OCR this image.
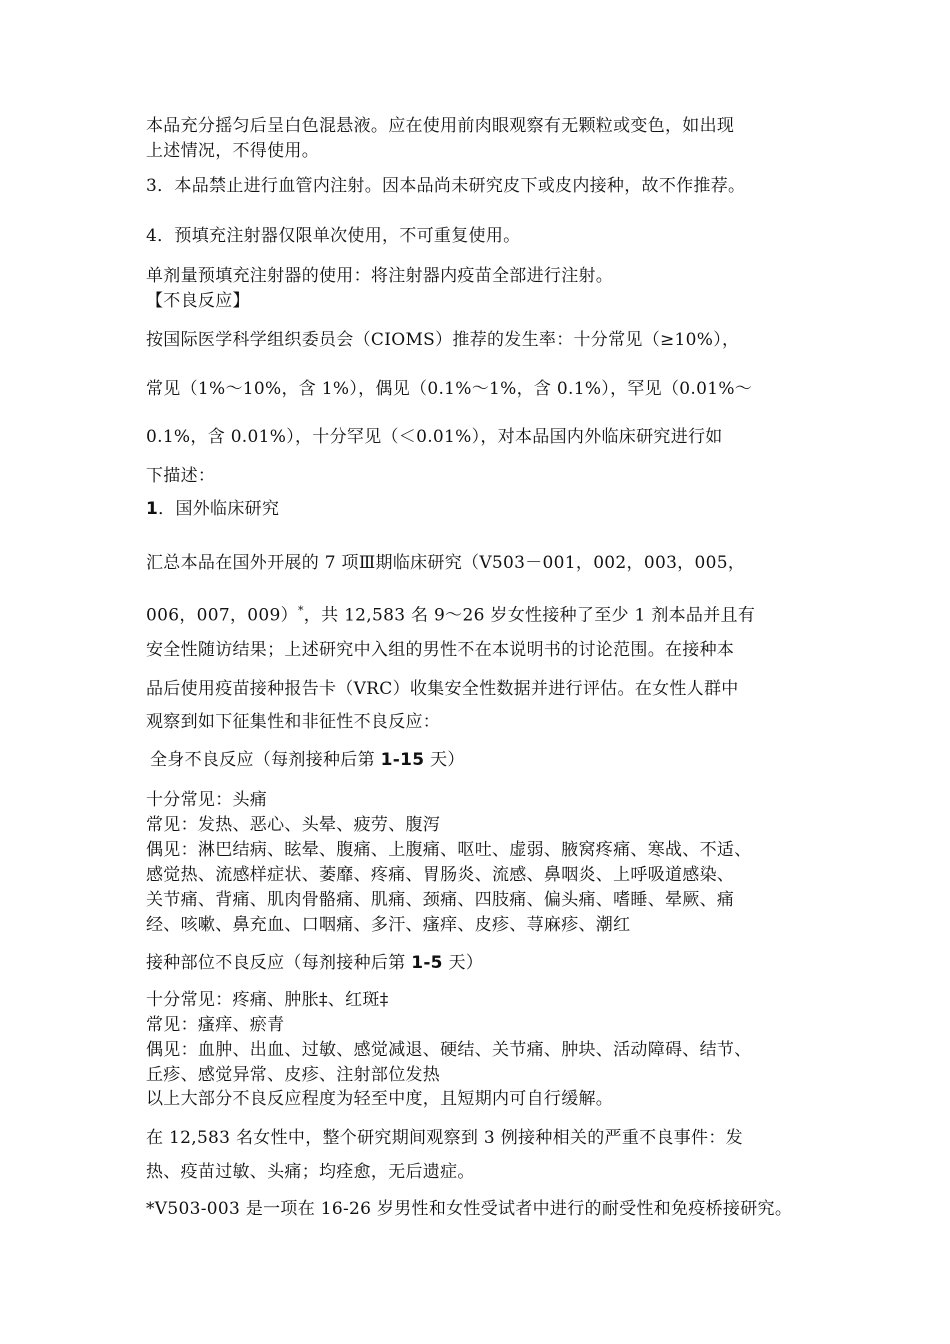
本品充分摇匀后呈白色混悬液。应在使用前肉眼观察有无颗粒或变色，如出现
上述情况，不得使用。
3．本品禁止进行血管内注射。因本品尚未研究皮下或皮内接种，故不作推荐。
4．预填充注射器仅限单次使用，不可重复使用。
单剂量预填充注射器的使用：将注射器内疫苗全部进行注射。
【不良反应】
按国际医学科学组织委员会（CIOMS）推荐的发生率：十分常见（≥10%），
常见（1%～10%，含 1%），偶见（0.1%～1%，含 0.1%），罕见（0.01%～
0.1%，含 0.01%），十分罕见（＜0.01%），对本品国内外临床研究进行如
下描述：
1．国外临床研究
汇总本品在国外开展的 7 项Ⅲ期临床研究（V503－001，002，003，005，
006，007，009）*，共 12,583 名 9～26 岁女性接种了至少 1 剂本品并且有
安全性随访结果；上述研究中入组的男性不在本说明书的讨论范围。在接种本
品后使用疫苗接种报告卡（VRC）收集安全性数据并进行评估。在女性人群中
观察到如下征集性和非征性不良反应：
全身不良反应（每剂接种后第 1-15 天）
十分常见：头痛
常见：发热、恶心、头晕、疲劳、腹泻
偶见：淋巴结病、眩晕、腹痛、上腹痛、呕吐、虚弱、腋窝疼痛、寒战、不适、
感觉热、流感样症状、萎靡、疼痛、胃肠炎、流感、鼻咽炎、上呼吸道感染、
关节痛、背痛、肌肉骨骼痛、肌痛、颈痛、四肢痛、偏头痛、嗜睡、晕厥、痛
经、咳嗽、鼻充血、口咽痛、多汗、瘙痒、皮疹、荨麻疹、潮红
接种部位不良反应（每剂接种后第 1-5 天）
十分常见：疼痛、肿胀‡、红斑‡
常见：瘙痒、瘀青
偶见：血肿、出血、过敏、感觉减退、硬结、关节痛、肿块、活动障碍、结节、
丘疹、感觉异常、皮疹、注射部位发热
以上大部分不良反应程度为轻至中度，且短期内可自行缓解。
在 12,583 名女性中，整个研究期间观察到 3 例接种相关的严重不良事件：发
热、疫苗过敏、头痛；均痊愈，无后遗症。
*V503-003 是一项在 16-26 岁男性和女性受试者中进行的耐受性和免疫桥接研究。
